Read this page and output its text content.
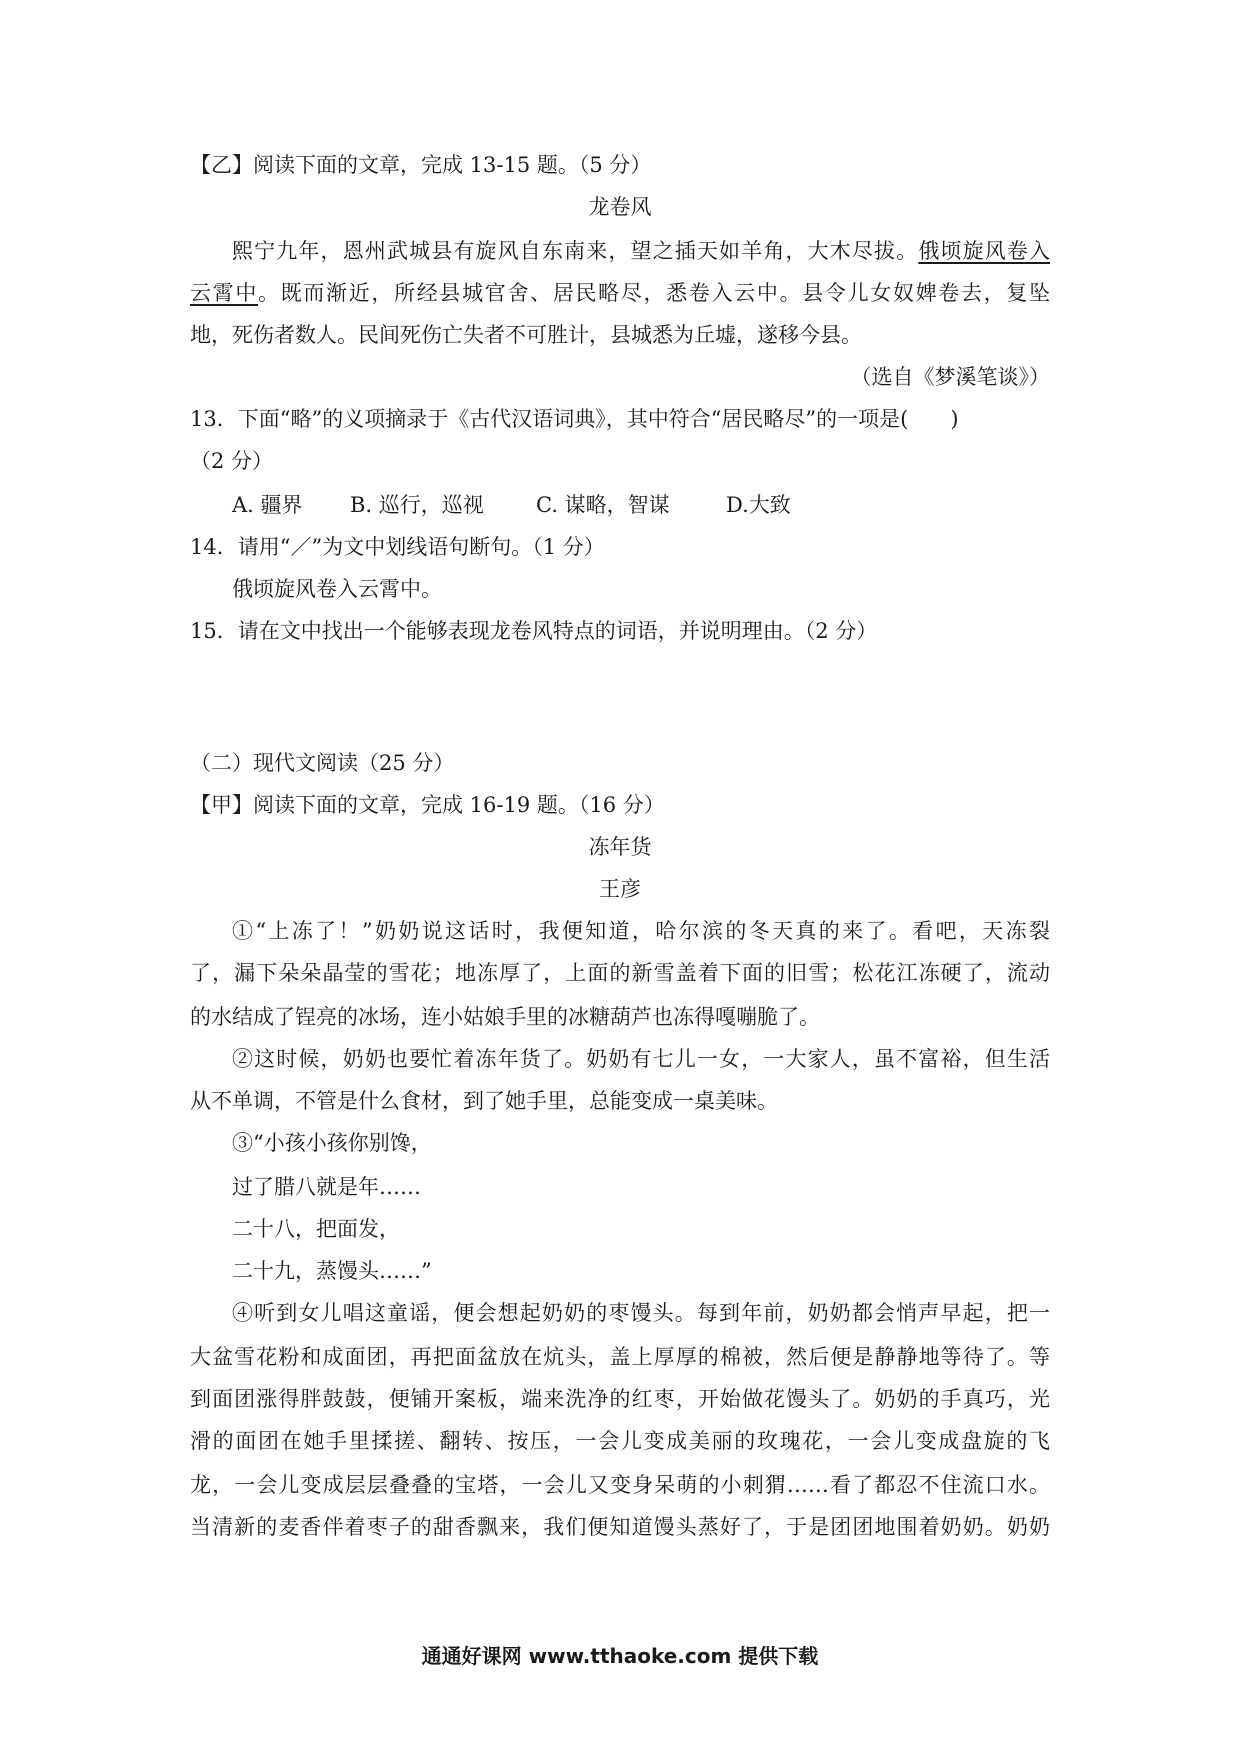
【乙】阅读下面的文章，完成 13-15 题。（5 分）
龙卷风
熙宁九年，恩州武城县有旋风自东南来，望之插天如羊角，大木尽拔。俄顷旋风卷入
云霄中。既而渐近，所经县城官舍、居民略尽，悉卷入云中。县令儿女奴婢卷去，复坠
地，死伤者数人。民间死伤亡失者不可胜计，县城悉为丘墟，遂移今县。
（选自《梦溪笔谈》）
13．下面“略”的义项摘录于《古代汉语词典》，其中符合“居民略尽”的一项是(　　)
（2 分）
A. 疆界 B. 巡行，巡视 C. 谋略，智谋	D.大致
14．请用“／”为文中划线语句断句。（1 分）
俄顷旋风卷入云霄中。
15．请在文中找出一个能够表现龙卷风特点的词语，并说明理由。（2 分）
（二）现代文阅读（25 分）
【甲】阅读下面的文章，完成 16-19 题。（16 分）
冻年货
王彦
①“上冻了！”奶奶说这话时，我便知道，哈尔滨的冬天真的来了。看吧，天冻裂
了，漏下朵朵晶莹的雪花；地冻厚了，上面的新雪盖着下面的旧雪；松花江冻硬了，流动
的水结成了锃亮的冰场，连小姑娘手里的冰糖葫芦也冻得嘎嘣脆了。
②这时候，奶奶也要忙着冻年货了。奶奶有七儿一女，一大家人，虽不富裕，但生活
从不单调，不管是什么食材，到了她手里，总能变成一桌美味。
③“小孩小孩你别馋，
过了腊八就是年……
二十八，把面发，
二十九，蒸馒头……”
④听到女儿唱这童谣，便会想起奶奶的枣馒头。每到年前，奶奶都会悄声早起，把一
大盆雪花粉和成面团，再把面盆放在炕头，盖上厚厚的棉被，然后便是静静地等待了。等
到面团涨得胖鼓鼓，便铺开案板，端来洗净的红枣，开始做花馒头了。奶奶的手真巧，光
滑的面团在她手里揉搓、翻转、按压，一会儿变成美丽的玫瑰花，一会儿变成盘旋的飞
龙，一会儿变成层层叠叠的宝塔，一会儿又变身呆萌的小刺猬……看了都忍不住流口水。
当清新的麦香伴着枣子的甜香飘来，我们便知道馒头蒸好了，于是团团地围着奶奶。奶奶
通通好课网 www.tthaoke.com 提供下载
